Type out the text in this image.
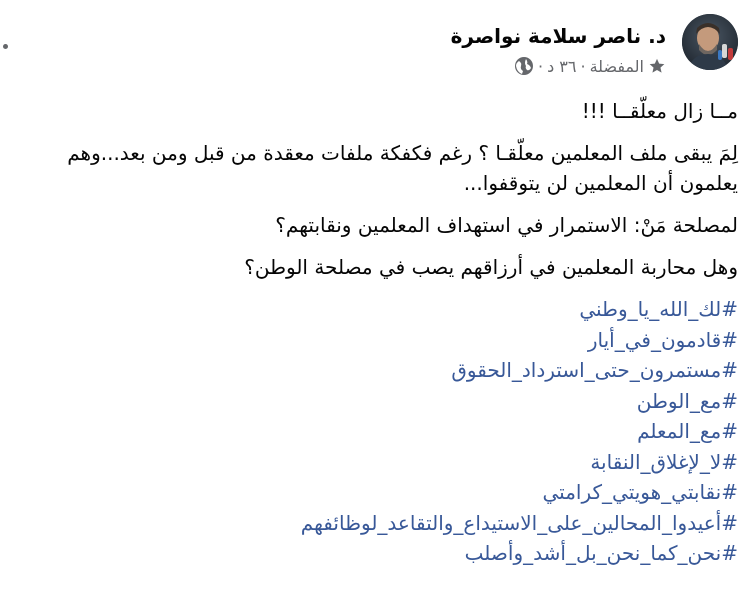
د. ناصر سلامة نواصرة
المفضلة
·
٣٦ د
·

مــا زال معلّقــا !!!

لِمَ يبقى ملف المعلمين معلّقـا ؟ رغم فكفكة ملفات معقدة من قبل ومن بعد...وهم يعلمون أن المعلمين لن يتوقفوا...

لمصلحة مَنْ: الاستمرار في استهداف المعلمين ونقابتهم؟

وهل محاربة المعلمين في أرزاقهم يصب في مصلحة الوطن؟

#لك_الله_يا_وطني
#قادمون_في_أيار
#مستمرون_حتى_استرداد_الحقوق
#مع_الوطن
#مع_المعلم
#لا_لإغلاق_النقابة
#نقابتي_هويتي_كرامتي
#أعيدوا_المحالين_على_الاستيداع_والتقاعد_لوظائفهم
#نحن_كما_نحن_بل_أشد_وأصلب
